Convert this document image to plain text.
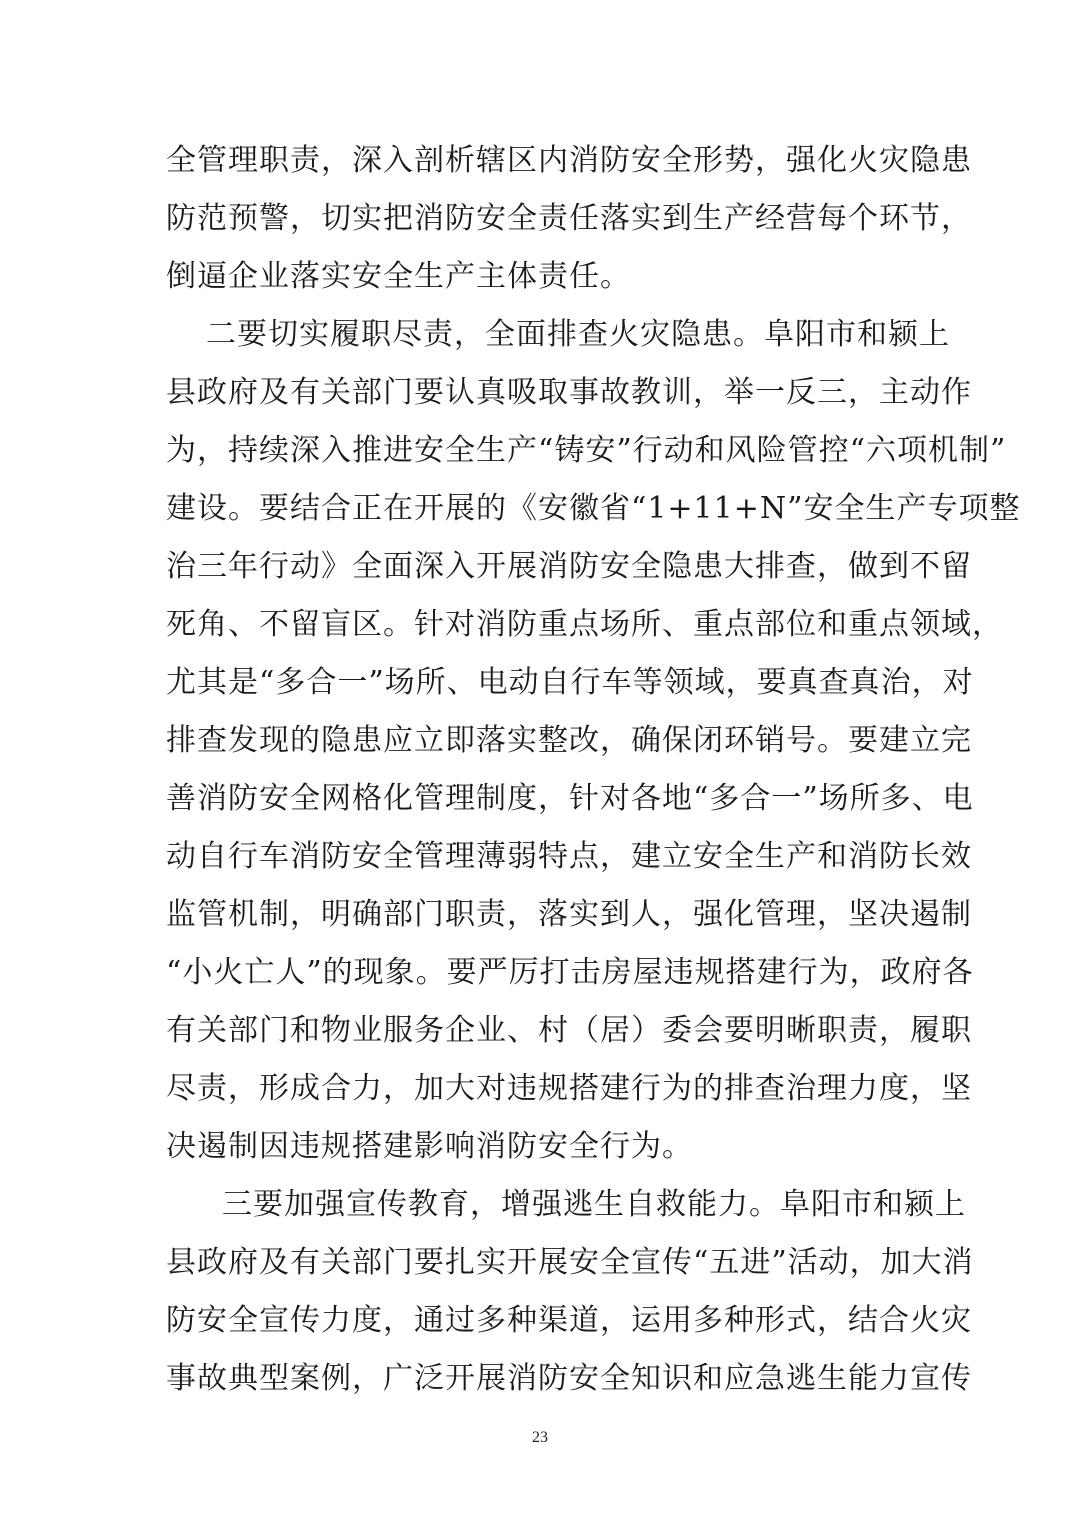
全管理职责，深入剖析辖区内消防安全形势，强化火灾隐患
防范预警，切实把消防安全责任落实到生产经营每个环节，
倒逼企业落实安全生产主体责任。
二要切实履职尽责，全面排查火灾隐患。阜阳市和颍上
县政府及有关部门要认真吸取事故教训，举一反三，主动作
为，持续深入推进安全生产“铸安”行动和风险管控“六项机制”
建设。要结合正在开展的《安徽省“1+11+N”安全生产专项整
治三年行动》全面深入开展消防安全隐患大排查，做到不留
死角、不留盲区。针对消防重点场所、重点部位和重点领域，
尤其是“多合一”场所、电动自行车等领域，要真查真治，对
排查发现的隐患应立即落实整改，确保闭环销号。要建立完
善消防安全网格化管理制度，针对各地“多合一”场所多、电
动自行车消防安全管理薄弱特点，建立安全生产和消防长效
监管机制，明确部门职责，落实到人，强化管理，坚决遏制
“小火亡人”的现象。要严厉打击房屋违规搭建行为，政府各
有关部门和物业服务企业、村（居）委会要明晰职责，履职
尽责，形成合力，加大对违规搭建行为的排查治理力度，坚
决遏制因违规搭建影响消防安全行为。
三要加强宣传教育，增强逃生自救能力。阜阳市和颍上
县政府及有关部门要扎实开展安全宣传“五进”活动，加大消
防安全宣传力度，通过多种渠道，运用多种形式，结合火灾
事故典型案例，广泛开展消防安全知识和应急逃生能力宣传
23
